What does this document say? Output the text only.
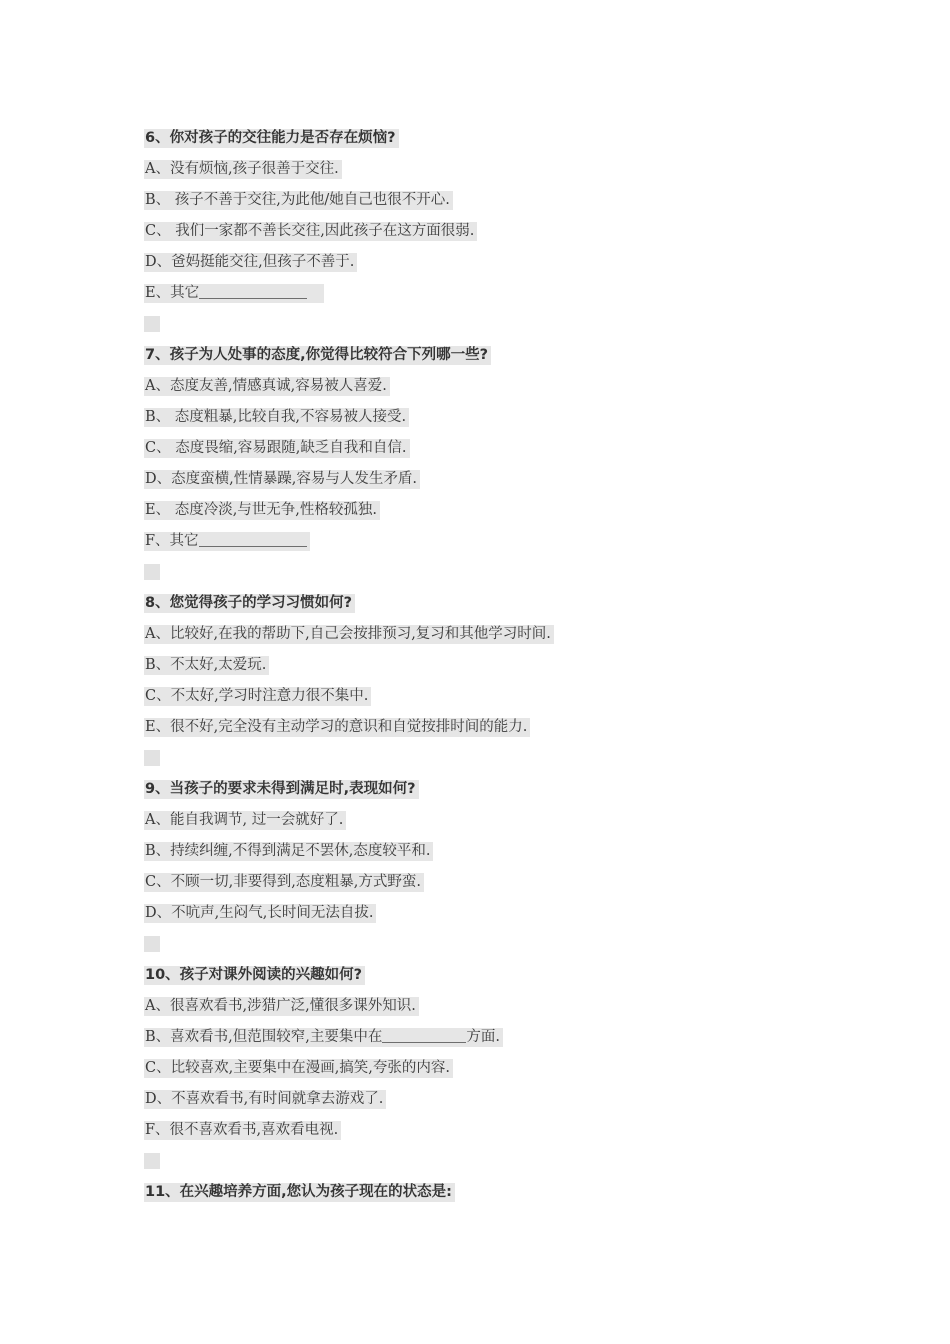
6、你对孩子的交往能力是否存在烦恼?
A、没有烦恼,孩子很善于交往.
B、 孩子不善于交往,为此他/她自己也很不开心.
C、 我们一家都不善长交往,因此孩子在这方面很弱.
D、爸妈挺能交往,但孩子不善于.
E、其它
7、孩子为人处事的态度,你觉得比较符合下列哪一些?
A、态度友善,情感真诚,容易被人喜爱.
B、 态度粗暴,比较自我,不容易被人接受.
C、 态度畏缩,容易跟随,缺乏自我和自信.
D、态度蛮横,性情暴躁,容易与人发生矛盾.
E、 态度冷淡,与世无争,性格较孤独.
F、其它
8、您觉得孩子的学习习惯如何?
A、比较好,在我的帮助下,自己会按排预习,复习和其他学习时间.
B、不太好,太爱玩.
C、不太好,学习时注意力很不集中.
E、很不好,完全没有主动学习的意识和自觉按排时间的能力.
9、当孩子的要求未得到满足时,表现如何?
A、能自我调节, 过一会就好了.
B、持续纠缠,不得到满足不罢休,态度较平和.
C、不顾一切,非要得到,态度粗暴,方式野蛮.
D、不吭声,生闷气,长时间无法自拔.
10、孩子对课外阅读的兴趣如何?
A、很喜欢看书,涉猎广泛,懂很多课外知识.
B、喜欢看书,但范围较窄,主要集中在	方面.
C、比较喜欢,主要集中在漫画,搞笑,夸张的内容.
D、不喜欢看书,有时间就拿去游戏了.
F、很不喜欢看书,喜欢看电视.
11、在兴趣培养方面,您认为孩子现在的状态是:
